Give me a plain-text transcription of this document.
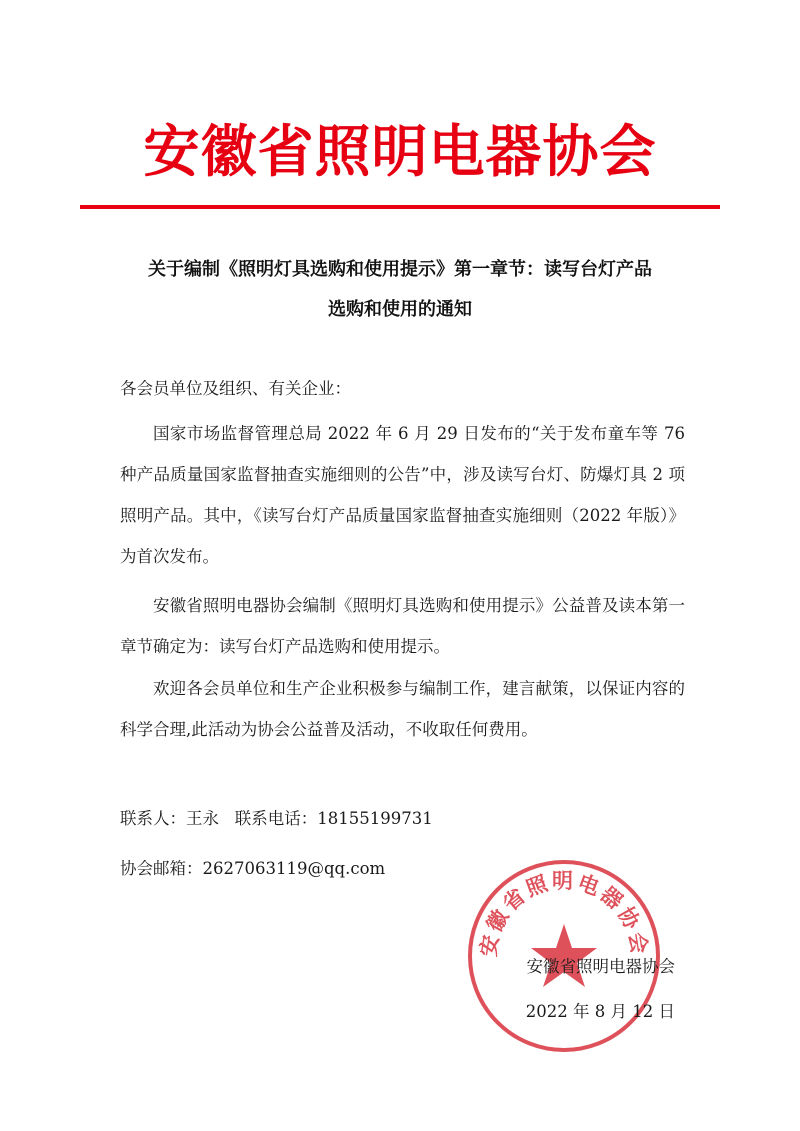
安徽省照明电器协会
关于编制《照明灯具选购和使用提示》第一章节：读写台灯产品
选购和使用的通知
各会员单位及组织、有关企业：

国家市场监督管理总局 2022 年 6 月 29 日发布的“关于发布童车等 76 种产品质量国家监督抽查实施细则的公告”中，涉及读写台灯、防爆灯具 2 项照明产品。其中，《读写台灯产品质量国家监督抽查实施细则（2022 年版）》为首次发布。

安徽省照明电器协会编制《照明灯具选购和使用提示》公益普及读本第一章节确定为：读写台灯产品选购和使用提示。

欢迎各会员单位和生产企业积极参与编制工作，建言献策，以保证内容的科学合理,此活动为协会公益普及活动，不收取任何费用。

联系人：王永   联系电话：18155199731
协会邮箱：2627063119@qq.com
安徽省照明电器协会
安徽省照明电器协会
2022 年 8 月 12 日
